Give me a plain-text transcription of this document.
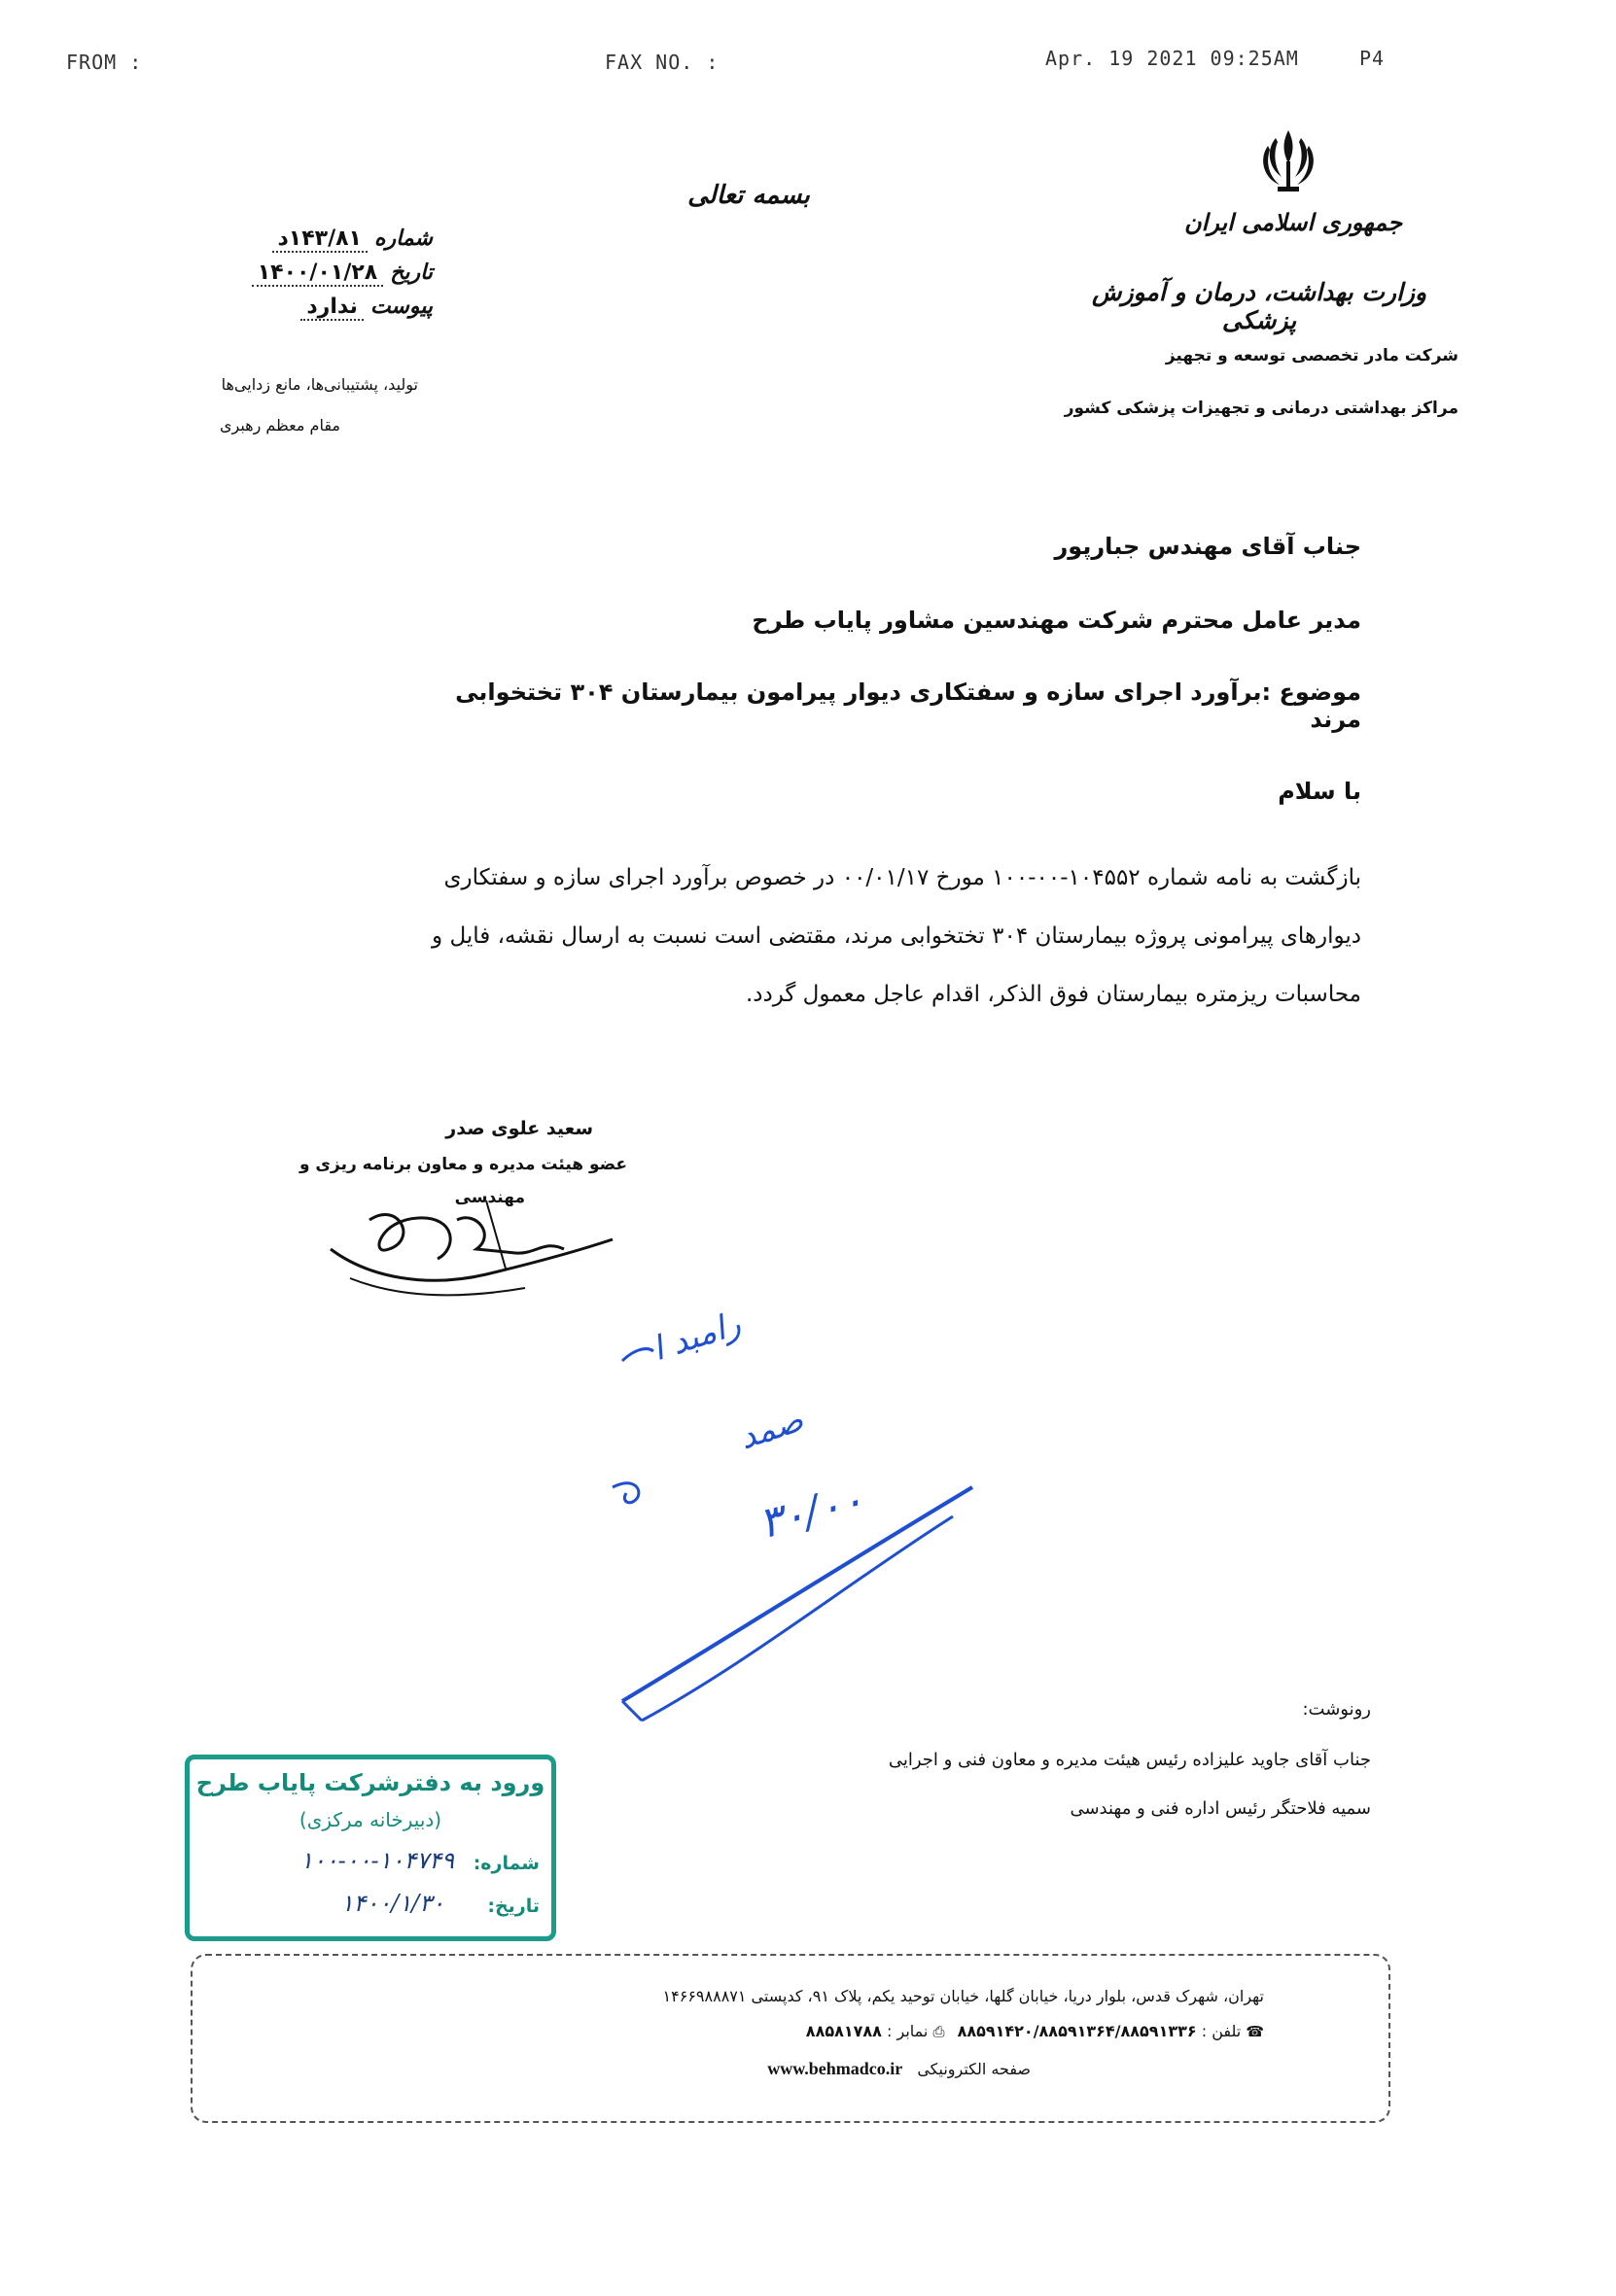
FROM :	FAX NO. :	Apr. 19 2021 09:25AM	P4
بسمه تعالی
جمهوری اسلامی ایران
وزارت بهداشت، درمان و آموزش پزشکی
شرکت مادر تخصصی توسعه و تجهیز
مراکز بهداشتی درمانی و تجهیزات پزشکی کشور
شماره ۱۴۳/۸۱د
تاریخ ۱۴۰۰/۰۱/۲۸
پیوست ندارد
تولید، پشتیبانی‌ها، مانع زدایی‌ها
مقام معظم رهبری
جناب آقای مهندس جبارپور
مدیر عامل محترم شرکت مهندسین مشاور پایاب طرح
موضوع :برآورد اجرای سازه و سفتکاری دیوار پیرامون بیمارستان ۳۰۴ تختخوابی مرند
با سلام
بازگشت به نامه شماره ۱۰۴۵۵۲-۰۰-۱۰۰ مورخ ۰۰/۰۱/۱۷ در خصوص برآورد اجرای سازه و سفتکاری
دیوارهای پیرامونی پروژه بیمارستان ۳۰۴ تختخوابی مرند، مقتضی است نسبت به ارسال نقشه، فایل و
محاسبات ریزمتره بیمارستان فوق الذکر، اقدام عاجل معمول گردد.
سعید علوی صدر
عضو هیئت مدیره و معاون برنامه ریزی و
مهندسی
رامبد ا
صمد
۳۰/۰۰
رونوشت:
جناب آقای جاوید علیزاده رئیس هیئت مدیره و معاون فنی و اجرایی
سمیه فلاحتگر رئیس اداره فنی و مهندسی
ورود به دفترشرکت پایاب طرح
(دبیرخانه مرکزی)
شماره:
۱۰۰-۰۰-۱۰۴۷۴۹
تاریخ:
۱۴۰۰/۱/۳۰
تهران، شهرک قدس، بلوار دریا، خیابان گلها، خیابان توحید یکم، پلاک ۹۱، کدپستی ۱۴۶۶۹۸۸۸۷۱
☎ تلفن : ۸۸۵۹۱۴۲۰/۸۸۵۹۱۳۶۴/۸۸۵۹۱۳۳۶ ⎙ نمابر : ۸۸۵۸۱۷۸۸
صفحه الکترونیکی www.behmadco.ir
